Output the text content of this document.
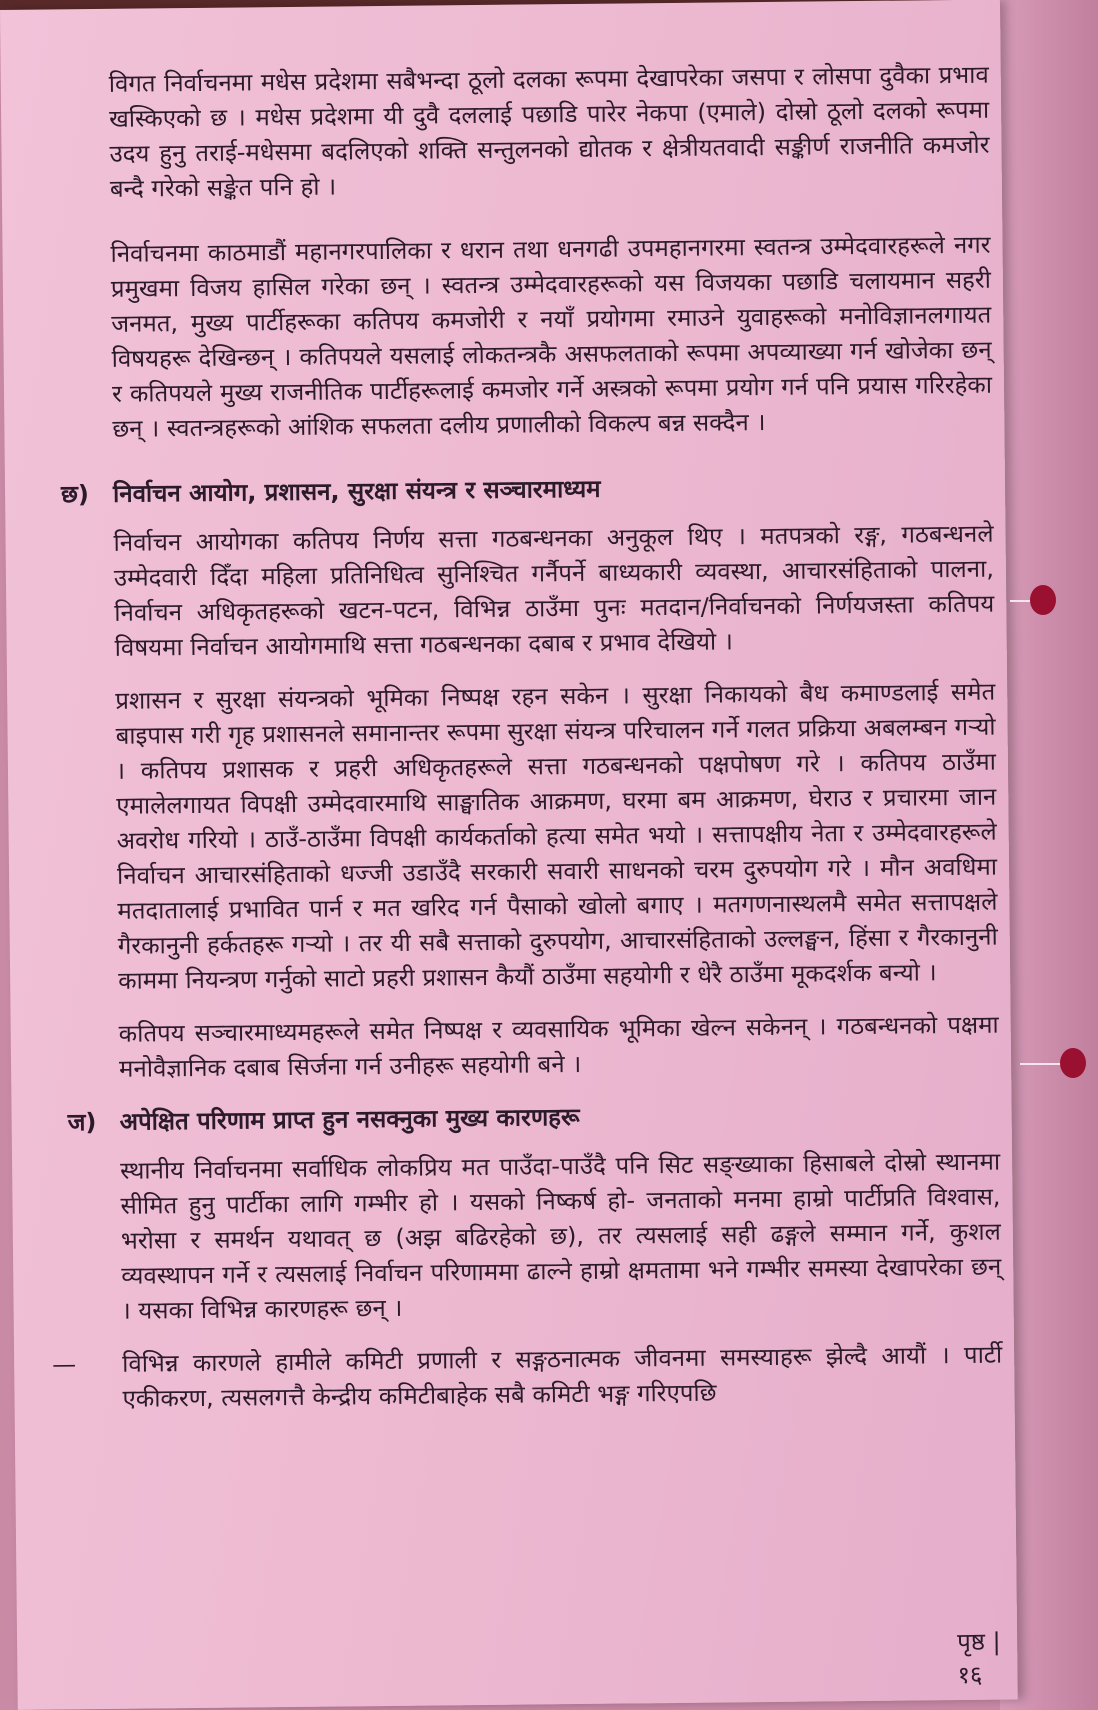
विगत निर्वाचनमा मधेस प्रदेशमा सबैभन्दा ठूलो दलका रूपमा देखापरेका जसपा र लोसपा दुवैका प्रभाव खस्किएको छ । मधेस प्रदेशमा यी दुवै दललाई पछाडि पारेर नेकपा (एमाले) दोस्रो ठूलो दलको रूपमा उदय हुनु तराई-मधेसमा बदलिएको शक्ति सन्तुलनको द्योतक र क्षेत्रीयतवादी सङ्कीर्ण राजनीति कमजोर बन्दै गरेको सङ्केत पनि हो ।

निर्वाचनमा काठमाडौं महानगरपालिका र धरान तथा धनगढी उपमहानगरमा स्वतन्त्र उम्मेदवारहरूले नगर प्रमुखमा विजय हासिल गरेका छन् । स्वतन्त्र उम्मेदवारहरूको यस विजयका पछाडि चलायमान सहरी जनमत, मुख्य पार्टीहरूका कतिपय कमजोरी र नयाँ प्रयोगमा रमाउने युवाहरूको मनोविज्ञानलगायत विषयहरू देखिन्छन् । कतिपयले यसलाई लोकतन्त्रकै असफलताको रूपमा अपव्याख्या गर्न खोजेका छन् र कतिपयले मुख्य राजनीतिक पार्टीहरूलाई कमजोर गर्ने अस्त्रको रूपमा प्रयोग गर्न पनि प्रयास गरिरहेका छन् । स्वतन्त्रहरूको आंशिक सफलता दलीय प्रणालीको विकल्प बन्न सक्दैन ।

छ) निर्वाचन आयोग, प्रशासन, सुरक्षा संयन्त्र र सञ्चारमाध्यम

निर्वाचन आयोगका कतिपय निर्णय सत्ता गठबन्धनका अनुकूल थिए । मतपत्रको रङ्ग, गठबन्धनले उम्मेदवारी दिँदा महिला प्रतिनिधित्व सुनिश्चित गर्नैपर्ने बाध्यकारी व्यवस्था, आचारसंहिताको पालना, निर्वाचन अधिकृतहरूको खटन-पटन, विभिन्न ठाउँमा पुनः मतदान/निर्वाचनको निर्णयजस्ता कतिपय विषयमा निर्वाचन आयोगमाथि सत्ता गठबन्धनका दबाब र प्रभाव देखियो ।

प्रशासन र सुरक्षा संयन्त्रको भूमिका निष्पक्ष रहन सकेन । सुरक्षा निकायको बैध कमाण्डलाई समेत बाइपास गरी गृह प्रशासनले समानान्तर रूपमा सुरक्षा संयन्त्र परिचालन गर्ने गलत प्रक्रिया अबलम्बन गऱ्यो । कतिपय प्रशासक र प्रहरी अधिकृतहरूले सत्ता गठबन्धनको पक्षपोषण गरे । कतिपय ठाउँमा एमालेलगायत विपक्षी उम्मेदवारमाथि साङ्घातिक आक्रमण, घरमा बम आक्रमण, घेराउ र प्रचारमा जान अवरोध गरियो । ठाउँ-ठाउँमा विपक्षी कार्यकर्ताको हत्या समेत भयो । सत्तापक्षीय नेता र उम्मेदवारहरूले निर्वाचन आचारसंहिताको धज्जी उडाउँदै सरकारी सवारी साधनको चरम दुरुपयोग गरे । मौन अवधिमा मतदातालाई प्रभावित पार्न र मत खरिद गर्न पैसाको खोलो बगाए । मतगणनास्थलमै समेत सत्तापक्षले गैरकानुनी हर्कतहरू गऱ्यो । तर यी सबै सत्ताको दुरुपयोग, आचारसंहिताको उल्लङ्घन, हिंसा र गैरकानुनी काममा नियन्त्रण गर्नुको साटो प्रहरी प्रशासन कैयौं ठाउँमा सहयोगी र धेरै ठाउँमा मूकदर्शक बन्यो ।

कतिपय सञ्चारमाध्यमहरूले समेत निष्पक्ष र व्यवसायिक भूमिका खेल्न सकेनन् । गठबन्धनको पक्षमा मनोवैज्ञानिक दबाब सिर्जना गर्न उनीहरू सहयोगी बने ।

ज) अपेक्षित परिणाम प्राप्त हुन नसक्नुका मुख्य कारणहरू

स्थानीय निर्वाचनमा सर्वाधिक लोकप्रिय मत पाउँदा-पाउँदै पनि सिट सङ्ख्याका हिसाबले दोस्रो स्थानमा सीमित हुनु पार्टीका लागि गम्भीर हो । यसको निष्कर्ष हो- जनताको मनमा हाम्रो पार्टीप्रति विश्वास, भरोसा र समर्थन यथावत् छ (अझ बढिरहेको छ), तर त्यसलाई सही ढङ्गले सम्मान गर्ने, कुशल व्यवस्थापन गर्ने र त्यसलाई निर्वाचन परिणाममा ढाल्ने हाम्रो क्षमतामा भने गम्भीर समस्या देखापरेका छन् । यसका विभिन्न कारणहरू छन् ।

— विभिन्न कारणले हामीले कमिटी प्रणाली र सङ्गठनात्मक जीवनमा समस्याहरू झेल्दै आयौं । पार्टी एकीकरण, त्यसलगत्तै केन्द्रीय कमिटीबाहेक सबै कमिटी भङ्ग गरिएपछि

पृष्ठ | १६
